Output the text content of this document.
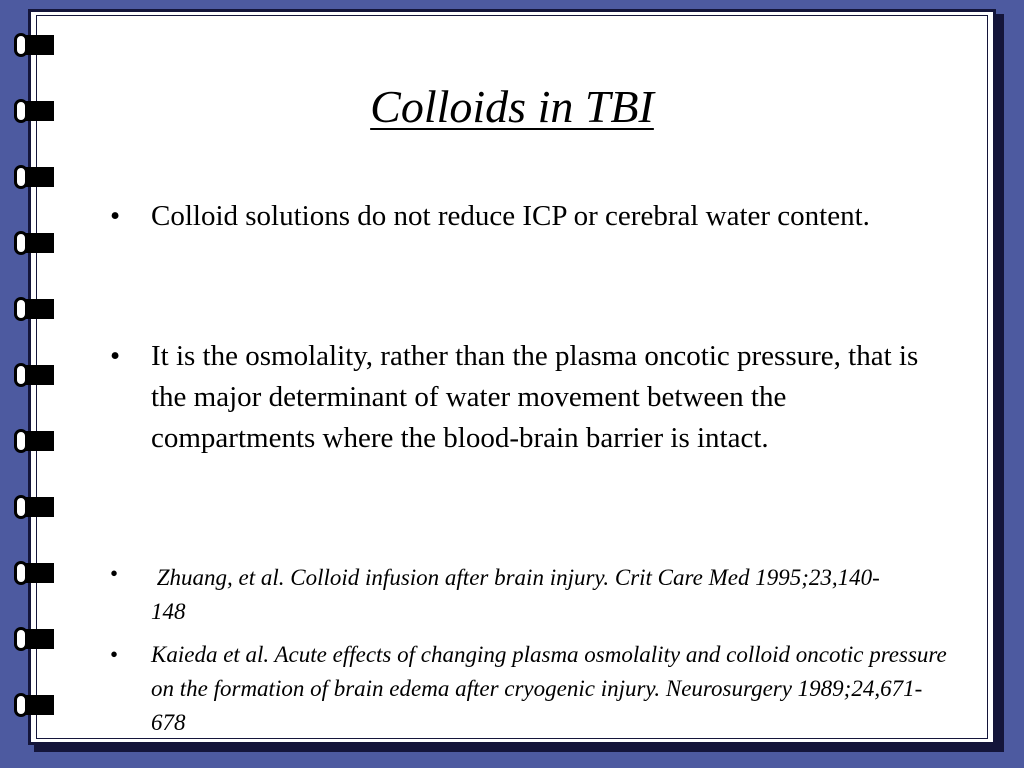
Colloids in TBI
•	Colloid solutions do not reduce ICP or cerebral water content.
•	It is the osmolality, rather than the plasma oncotic pressure, that is the major determinant of water movement between the compartments where the blood-brain barrier is intact.
•	Zhuang, et al. Colloid infusion after brain injury. Crit Care Med 1995;23,140-148
•	Kaieda et al. Acute effects of changing plasma osmolality and colloid oncotic pressure on the formation of brain edema after cryogenic injury. Neurosurgery 1989;24,671-678
